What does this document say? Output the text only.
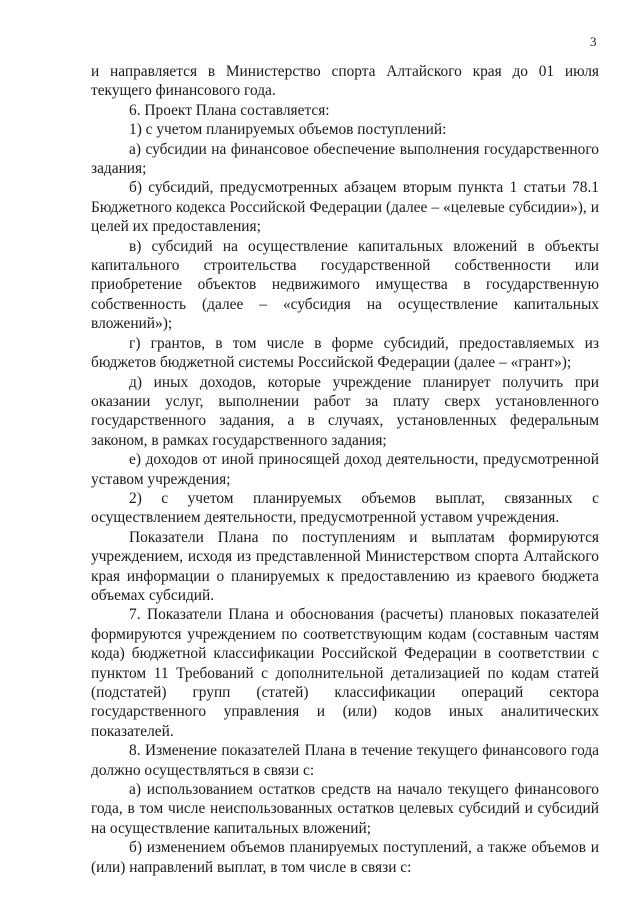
3

и направляется в Министерство спорта Алтайского края до 01 июля текущего финансового года.

6. Проект Плана составляется:

1) с учетом планируемых объемов поступлений:

а) субсидии на финансовое обеспечение выполнения государственного задания;

б) субсидий, предусмотренных абзацем вторым пункта 1 статьи 78.1 Бюджетного кодекса Российской Федерации (далее – «целевые субсидии»), и целей их предоставления;

в) субсидий на осуществление капитальных вложений в объекты капитального строительства государственной собственности или приобретение объектов недвижимого имущества в государственную собственность (далее – «субсидия на осуществление капитальных вложений»);

г) грантов, в том числе в форме субсидий, предоставляемых из бюджетов бюджетной системы Российской Федерации (далее – «грант»);

д) иных доходов, которые учреждение планирует получить при оказании услуг, выполнении работ за плату сверх установленного государственного задания, а в случаях, установленных федеральным законом, в рамках государственного задания;

е) доходов от иной приносящей доход деятельности, предусмотренной уставом учреждения;

2) с учетом планируемых объемов выплат, связанных с осуществлением деятельности, предусмотренной уставом учреждения.

Показатели Плана по поступлениям и выплатам формируются учреждением, исходя из представленной Министерством спорта Алтайского края информации о планируемых к предоставлению из краевого бюджета объемах субсидий.

7. Показатели Плана и обоснования (расчеты) плановых показателей формируются учреждением по соответствующим кодам (составным частям кода) бюджетной классификации Российской Федерации в соответствии с пунктом 11 Требований с дополнительной детализацией по кодам статей (подстатей) групп (статей) классификации операций сектора государственного управления и (или) кодов иных аналитических показателей.

8. Изменение показателей Плана в течение текущего финансового года должно осуществляться в связи с:

а) использованием остатков средств на начало текущего финансового года, в том числе неиспользованных остатков целевых субсидий и субсидий на осуществление капитальных вложений;

б) изменением объемов планируемых поступлений, а также объемов и (или) направлений выплат, в том числе в связи с:
